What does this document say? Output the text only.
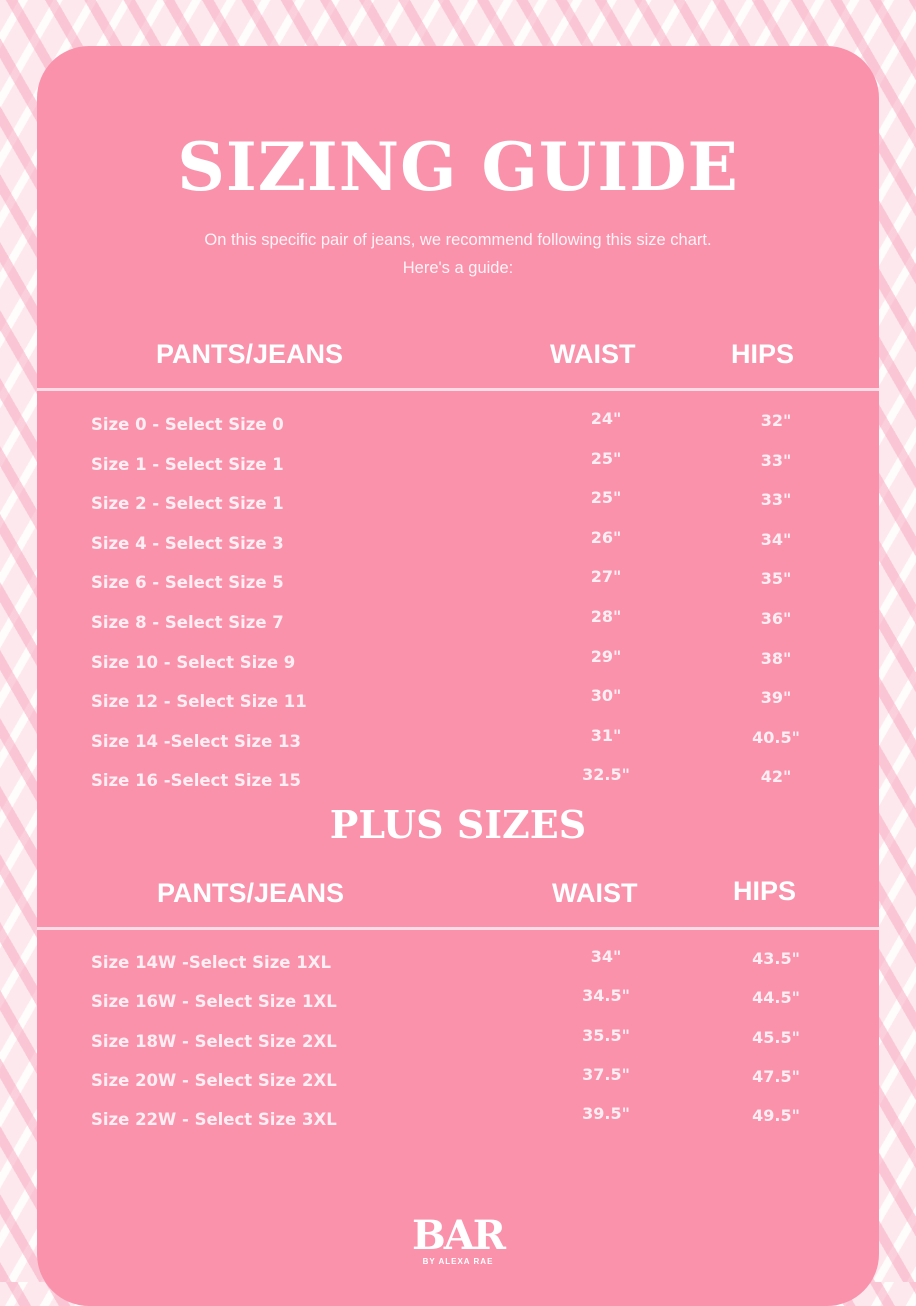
SIZING GUIDE
On this specific pair of jeans, we recommend following this size chart.
Here's a guide:
PANTS/JEANS	WAIST	HIPS
Size 0 - Select Size 0	24"	32"
Size 1 - Select Size 1	25"	33"
Size 2 - Select Size 1	25"	33"
Size 4 - Select Size 3	26"	34"
Size 6 - Select Size 5	27"	35"
Size 8 - Select Size 7	28"	36"
Size 10 - Select Size 9	29"	38"
Size 12 - Select Size 11	30"	39"
Size 14 -Select Size 13	31"	40.5"
Size 16 -Select Size 15	32.5"	42"
PLUS SIZES
PANTS/JEANS	WAIST	HIPS
Size 14W -Select Size 1XL	34"	43.5"
Size 16W - Select Size 1XL	34.5"	44.5"
Size 18W - Select Size 2XL	35.5"	45.5"
Size 20W - Select Size 2XL	37.5"	47.5"
Size 22W - Select Size 3XL	39.5"	49.5"
BAR
BY ALEXA RAE
